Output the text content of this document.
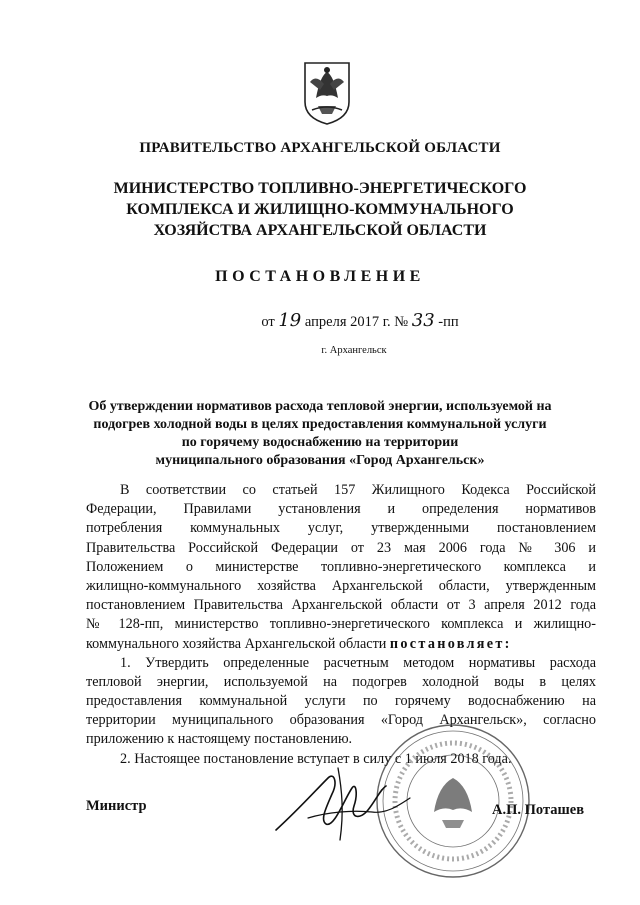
ПРАВИТЕЛЬСТВО АРХАНГЕЛЬСКОЙ ОБЛАСТИ
МИНИСТЕРСТВО ТОПЛИВНО-ЭНЕРГЕТИЧЕСКОГО
КОМПЛЕКСА И ЖИЛИЩНО-КОММУНАЛЬНОГО
ХОЗЯЙСТВА АРХАНГЕЛЬСКОЙ ОБЛАСТИ
ПОСТАНОВЛЕНИЕ
от 19 апреля 2017 г. № 33 -пп
г. Архангельск
Об утверждении нормативов расхода тепловой энергии, используемой на
подогрев холодной воды в целях предоставления коммунальной услуги
по горячему водоснабжению на территории
муниципального образования «Город Архангельск»
В соответствии со статьей 157 Жилищного Кодекса Российской
Федерации, Правилами установления и определения нормативов
потребления коммунальных услуг, утвержденными постановлением
Правительства Российской Федерации от 23 мая 2006 года № 306 и
Положением о министерстве топливно-энергетического комплекса и
жилищно-коммунального хозяйства Архангельской области, утвержденным
постановлением Правительства Архангельской области от 3 апреля 2012 года
№ 128-пп, министерство топливно-энергетического комплекса и жилищно-
коммунального хозяйства Архангельской области постановляет:
1. Утвердить определенные расчетным методом нормативы расхода
тепловой энергии, используемой на подогрев холодной воды в целях
предоставления коммунальной услуги по горячему водоснабжению на
территории муниципального образования «Город Архангельск», согласно
приложению к настоящему постановлению.
2. Настоящее постановление вступает в силу с 1 июля 2018 года.
Министр	А.П. Поташев
